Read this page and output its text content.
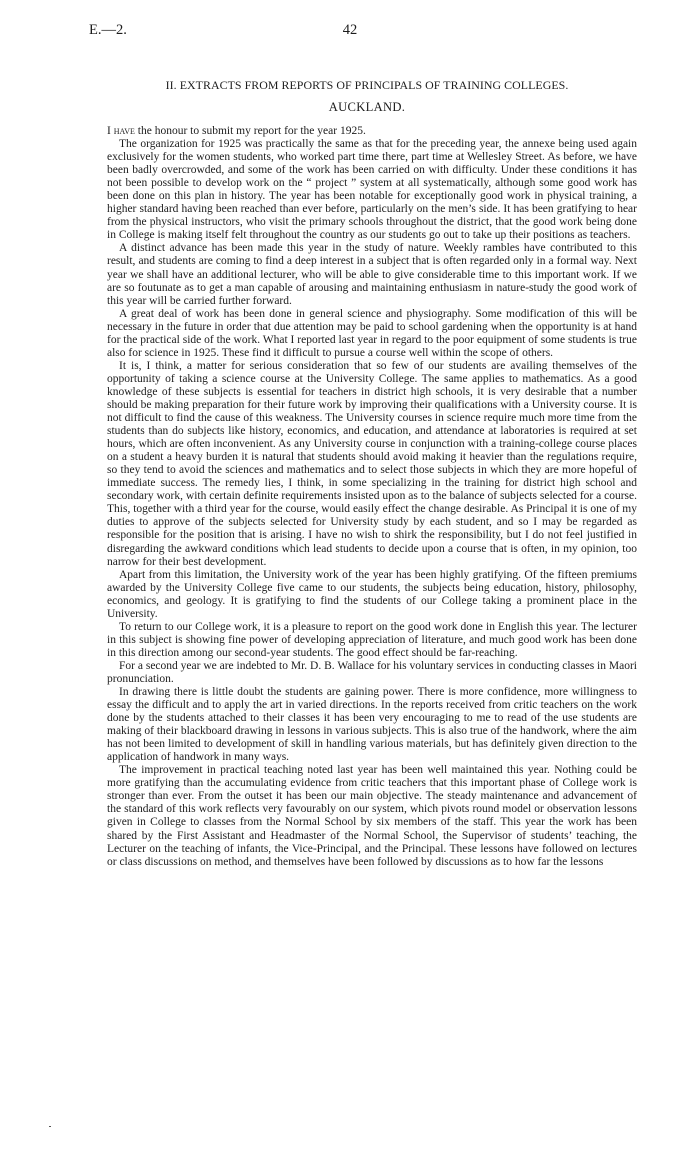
E.—2.	42

II. EXTRACTS FROM REPORTS OF PRINCIPALS OF TRAINING COLLEGES.

AUCKLAND.

I have the honour to submit my report for the year 1925.

The organization for 1925 was practically the same as that for the preceding year, the annexe being used again exclusively for the women students, who worked part time there, part time at Wellesley Street. As before, we have been badly overcrowded, and some of the work has been carried on with difficulty. Under these conditions it has not been possible to develop work on the “ project ” system at all systematically, although some good work has been done on this plan in history. The year has been notable for exceptionally good work in physical training, a higher standard having been reached than ever before, particularly on the men’s side. It has been gratifying to hear from the physical instructors, who visit the primary schools throughout the district, that the good work being done in College is making itself felt throughout the country as our students go out to take up their positions as teachers.

A distinct advance has been made this year in the study of nature. Weekly rambles have contributed to this result, and students are coming to find a deep interest in a subject that is often regarded only in a formal way. Next year we shall have an additional lecturer, who will be able to give considerable time to this important work. If we are so foutunate as to get a man capable of arousing and maintaining enthusiasm in nature-study the good work of this year will be carried further forward.

A great deal of work has been done in general science and physiography. Some modification of this will be necessary in the future in order that due attention may be paid to school gardening when the opportunity is at hand for the practical side of the work. What I reported last year in regard to the poor equipment of some students is true also for science in 1925. These find it difficult to pursue a course well within the scope of others.

It is, I think, a matter for serious consideration that so few of our students are availing themselves of the opportunity of taking a science course at the University College. The same applies to mathematics. As a good knowledge of these subjects is essential for teachers in district high schools, it is very desirable that a number should be making preparation for their future work by improving their qualifications with a University course. It is not difficult to find the cause of this weakness. The University courses in science require much more time from the students than do subjects like history, economics, and education, and attendance at laboratories is required at set hours, which are often inconvenient. As any University course in conjunction with a training-college course places on a student a heavy burden it is natural that students should avoid making it heavier than the regulations require, so they tend to avoid the sciences and mathematics and to select those subjects in which they are more hopeful of immediate success. The remedy lies, I think, in some specializing in the training for district high school and secondary work, with certain definite requirements insisted upon as to the balance of subjects selected for a course. This, together with a third year for the course, would easily effect the change desirable. As Principal it is one of my duties to approve of the subjects selected for University study by each student, and so I may be regarded as responsible for the position that is arising. I have no wish to shirk the responsibility, but I do not feel justified in disregarding the awkward conditions which lead students to decide upon a course that is often, in my opinion, too narrow for their best development.

Apart from this limitation, the University work of the year has been highly gratifying. Of the fifteen premiums awarded by the University College five came to our students, the subjects being education, history, philosophy, economics, and geology. It is gratifying to find the students of our College taking a prominent place in the University.

To return to our College work, it is a pleasure to report on the good work done in English this year. The lecturer in this subject is showing fine power of developing appreciation of literature, and much good work has been done in this direction among our second-year students. The good effect should be far-reaching.

For a second year we are indebted to Mr. D. B. Wallace for his voluntary services in conducting classes in Maori pronunciation.

In drawing there is little doubt the students are gaining power. There is more confidence, more willingness to essay the difficult and to apply the art in varied directions. In the reports received from critic teachers on the work done by the students attached to their classes it has been very encouraging to me to read of the use students are making of their blackboard drawing in lessons in various subjects. This is also true of the handwork, where the aim has not been limited to development of skill in handling various materials, but has definitely given direction to the application of handwork in many ways.

The improvement in practical teaching noted last year has been well maintained this year. Nothing could be more gratifying than the accumulating evidence from critic teachers that this important phase of College work is stronger than ever. From the outset it has been our main objective. The steady maintenance and advancement of the standard of this work reflects very favourably on our system, which pivots round model or observation lessons given in College to classes from the Normal School by six members of the staff. This year the work has been shared by the First Assistant and Headmaster of the Normal School, the Supervisor of students’ teaching, the Lecturer on the teaching of infants, the Vice-Principal, and the Principal. These lessons have followed on lectures or class discussions on method, and themselves have been followed by discussions as to how far the lessons
